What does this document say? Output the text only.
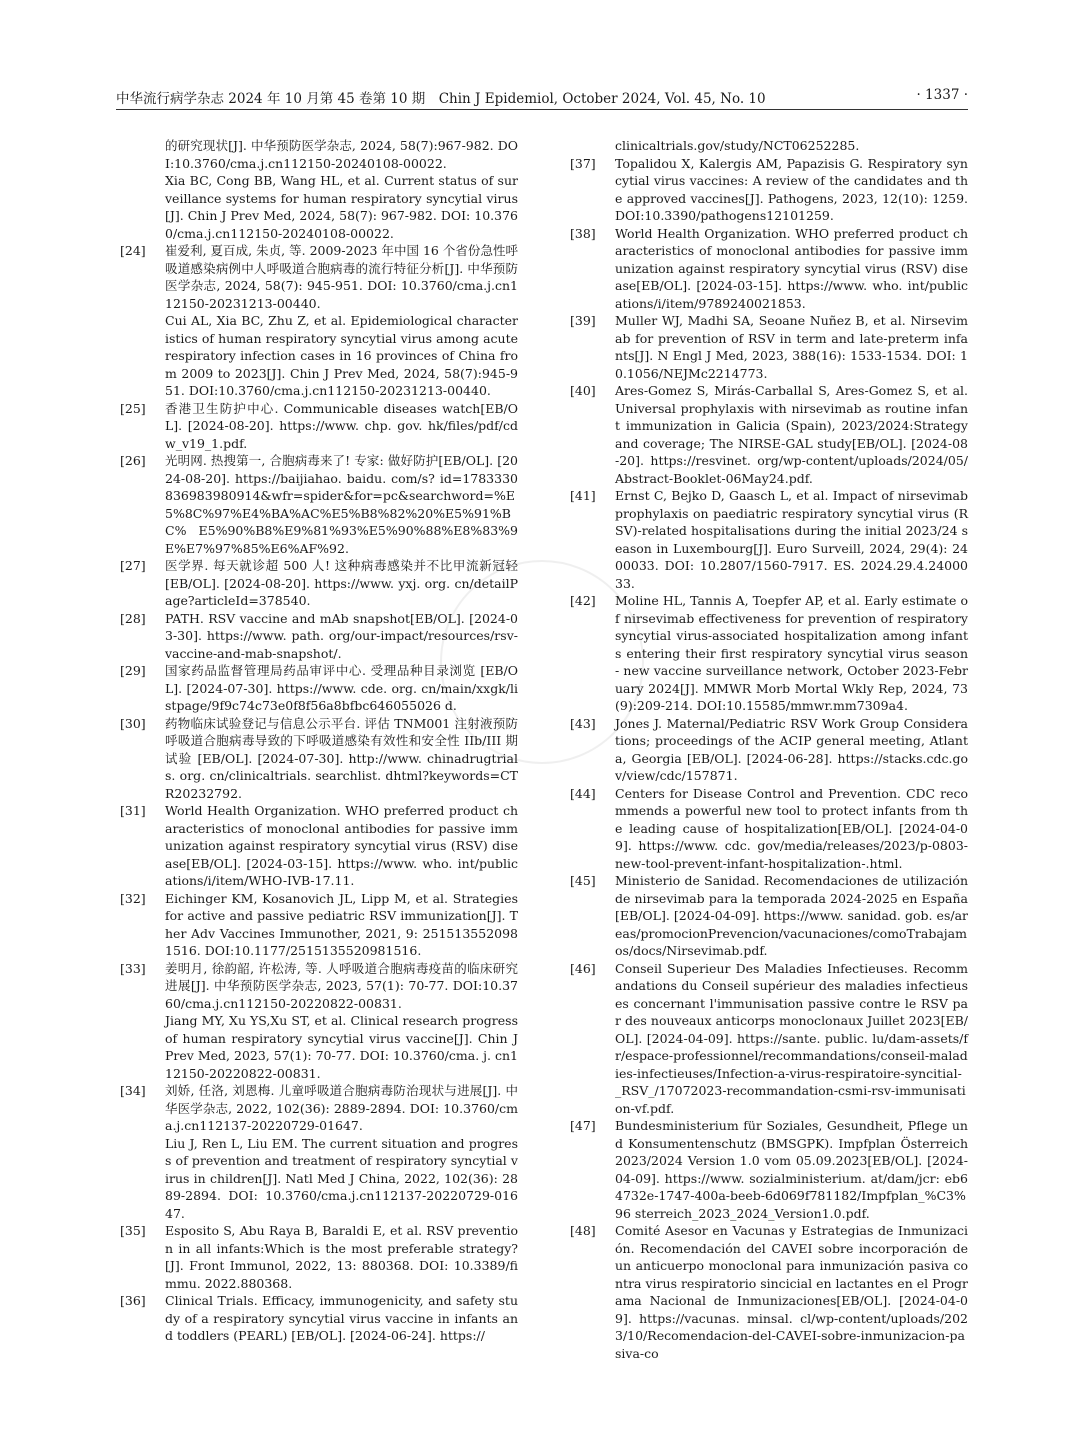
中华流行病学杂志 2024 年 10 月第 45 卷第 10 期　Chin J Epidemiol, October 2024, Vol. 45, No. 10	· 1337 ·
的研究现状[J]. 中华预防医学杂志, 2024, 58(7):967-982. DOI:10.3760/cma.j.cn112150-20240108-00022.
Xia BC, Cong BB, Wang HL, et al. Current status of surveillance systems for human respiratory syncytial virus[J]. Chin J Prev Med, 2024, 58(7): 967-982. DOI: 10.3760/cma.j.cn112150-20240108-00022.
[24] 崔爱利, 夏百成, 朱贞, 等. 2009-2023 年中国 16 个省份急性呼吸道感染病例中人呼吸道合胞病毒的流行特征分析[J]. 中华预防医学杂志, 2024, 58(7): 945-951. DOI: 10.3760/cma.j.cn112150-20231213-00440.
Cui AL, Xia BC, Zhu Z, et al. Epidemiological characteristics of human respiratory syncytial virus among acute respiratory infection cases in 16 provinces of China from 2009 to 2023[J]. Chin J Prev Med, 2024, 58(7):945-951. DOI:10.3760/cma.j.cn112150-20231213-00440.
[25] 香港卫生防护中心. Communicable diseases watch[EB/OL]. [2024-08-20]. https://www. chp. gov. hk/files/pdf/cdw_v19_1.pdf.
[26] 光明网. 热搜第一, 合胞病毒来了! 专家: 做好防护[EB/OL]. [2024-08-20]. https://baijiahao. baidu. com/s? id=1783330836983980914&wfr=spider&for=pc&searchword=%E5%8C%97%E4%BA%AC%E5%B8%82%20%E5%91%BC% E5%90%B8%E9%81%93%E5%90%88%E8%83%9E%E7%97%85%E6%AF%92.
[27] 医学界. 每天就诊超 500 人! 这种病毒感染并不比甲流新冠轻 [EB/OL]. [2024-08-20]. https://www. yxj. org. cn/detailPage?articleId=378540.
[28] PATH. RSV vaccine and mAb snapshot[EB/OL]. [2024-03-30]. https://www. path. org/our-impact/resources/rsv-vaccine-and-mab-snapshot/.
[29] 国家药品监督管理局药品审评中心. 受理品种目录浏览 [EB/OL]. [2024-07-30]. https://www. cde. org. cn/main/xxgk/listpage/9f9c74c73e0f8f56a8bfbc646055026 d.
[30] 药物临床试验登记与信息公示平台. 评估 TNM001 注射液预防呼吸道合胞病毒导致的下呼吸道感染有效性和安全性 IIb/III 期试验 [EB/OL]. [2024-07-30]. http://www. chinadrugtrials. org. cn/clinicaltrials. searchlist. dhtml?keywords=CTR20232792.
[31] World Health Organization. WHO preferred product characteristics of monoclonal antibodies for passive immunization against respiratory syncytial virus (RSV) disease[EB/OL]. [2024-03-15]. https://www. who. int/publications/i/item/WHO-IVB-17.11.
[32] Eichinger KM, Kosanovich JL, Lipp M, et al. Strategies for active and passive pediatric RSV immunization[J]. Ther Adv Vaccines Immunother, 2021, 9: 2515135520981516. DOI:10.1177/2515135520981516.
[33] 姜明月, 徐韵韶, 许松涛, 等. 人呼吸道合胞病毒疫苗的临床研究进展[J]. 中华预防医学杂志, 2023, 57(1): 70-77. DOI:10.3760/cma.j.cn112150-20220822-00831.
Jiang MY, Xu YS,Xu ST, et al. Clinical research progress of human respiratory syncytial virus vaccine[J]. Chin J Prev Med, 2023, 57(1): 70-77. DOI: 10.3760/cma. j. cn112150-20220822-00831.
[34] 刘娇, 任洛, 刘恩梅. 儿童呼吸道合胞病毒防治现状与进展[J]. 中华医学杂志, 2022, 102(36): 2889-2894. DOI: 10.3760/cma.j.cn112137-20220729-01647.
Liu J, Ren L, Liu EM. The current situation and progress of prevention and treatment of respiratory syncytial virus in children[J]. Natl Med J China, 2022, 102(36): 2889-2894. DOI: 10.3760/cma.j.cn112137-20220729-01647.
[35] Esposito S, Abu Raya B, Baraldi E, et al. RSV prevention in all infants:Which is the most preferable strategy?[J]. Front Immunol, 2022, 13: 880368. DOI: 10.3389/fimmu. 2022.880368.
[36] Clinical Trials. Efficacy, immunogenicity, and safety study of a respiratory syncytial virus vaccine in infants and toddlers (PEARL) [EB/OL]. [2024-06-24]. https://
clinicaltrials.gov/study/NCT06252285.
[37] Topalidou X, Kalergis AM, Papazisis G. Respiratory syncytial virus vaccines: A review of the candidates and the approved vaccines[J]. Pathogens, 2023, 12(10): 1259. DOI:10.3390/pathogens12101259.
[38] World Health Organization. WHO preferred product characteristics of monoclonal antibodies for passive immunization against respiratory syncytial virus (RSV) disease[EB/OL]. [2024-03-15]. https://www. who. int/publications/i/item/9789240021853.
[39] Muller WJ, Madhi SA, Seoane Nuñez B, et al. Nirsevimab for prevention of RSV in term and late-preterm infants[J]. N Engl J Med, 2023, 388(16): 1533-1534. DOI: 10.1056/NEJMc2214773.
[40] Ares-Gomez S, Mirás-Carballal S, Ares-Gomez S, et al. Universal prophylaxis with nirsevimab as routine infant immunization in Galicia (Spain), 2023/2024:Strategy and coverage; The NIRSE-GAL study[EB/OL]. [2024-08-20]. https://resvinet. org/wp-content/uploads/2024/05/Abstract-Booklet-06May24.pdf.
[41] Ernst C, Bejko D, Gaasch L, et al. Impact of nirsevimab prophylaxis on paediatric respiratory syncytial virus (RSV)-related hospitalisations during the initial 2023/24 season in Luxembourg[J]. Euro Surveill, 2024, 29(4): 2400033. DOI: 10.2807/1560-7917. ES. 2024.29.4.2400033.
[42] Moline HL, Tannis A, Toepfer AP, et al. Early estimate of nirsevimab effectiveness for prevention of respiratory syncytial virus-associated hospitalization among infants entering their first respiratory syncytial virus season - new vaccine surveillance network, October 2023-February 2024[J]. MMWR Morb Mortal Wkly Rep, 2024, 73(9):209-214. DOI:10.15585/mmwr.mm7309a4.
[43] Jones J. Maternal/Pediatric RSV Work Group Considerations; proceedings of the ACIP general meeting, Atlanta, Georgia [EB/OL]. [2024-06-28]. https://stacks.cdc.gov/view/cdc/157871.
[44] Centers for Disease Control and Prevention. CDC recommends a powerful new tool to protect infants from the leading cause of hospitalization[EB/OL]. [2024-04-09]. https://www. cdc. gov/media/releases/2023/p-0803-new-tool-prevent-infant-hospitalization-.html.
[45] Ministerio de Sanidad. Recomendaciones de utilización de nirsevimab para la temporada 2024-2025 en España[EB/OL]. [2024-04-09]. https://www. sanidad. gob. es/areas/promocionPrevencion/vacunaciones/comoTrabajamos/docs/Nirsevimab.pdf.
[46] Conseil Superieur Des Maladies Infectieuses. Recommandations du Conseil supérieur des maladies infectieuses concernant l'immunisation passive contre le RSV par des nouveaux anticorps monoclonaux Juillet 2023[EB/OL]. [2024-04-09]. https://sante. public. lu/dam-assets/fr/espace-professionnel/recommandations/conseil-maladies-infectieuses/Infection-a-virus-respiratoire-syncitial- _RSV_/17072023-recommandation-csmi-rsv-immunisation-vf.pdf.
[47] Bundesministerium für Soziales, Gesundheit, Pflege und Konsumentenschutz (BMSGPK). Impfplan Österreich 2023/2024 Version 1.0 vom 05.09.2023[EB/OL]. [2024-04-09]. https://www. sozialministerium. at/dam/jcr: eb64732e-1747-400a-beeb-6d069f781182/Impfplan_%C3%96 sterreich_2023_2024_Version1.0.pdf.
[48] Comité Asesor en Vacunas y Estrategias de Inmunización. Recomendación del CAVEI sobre incorporación de un anticuerpo monoclonal para inmunización pasiva contra virus respiratorio sincicial en lactantes en el Programa Nacional de Inmunizaciones[EB/OL]. [2024-04-09]. https://vacunas. minsal. cl/wp-content/uploads/2023/10/Recomendacion-del-CAVEI-sobre-inmunizacion-pasiva-co
